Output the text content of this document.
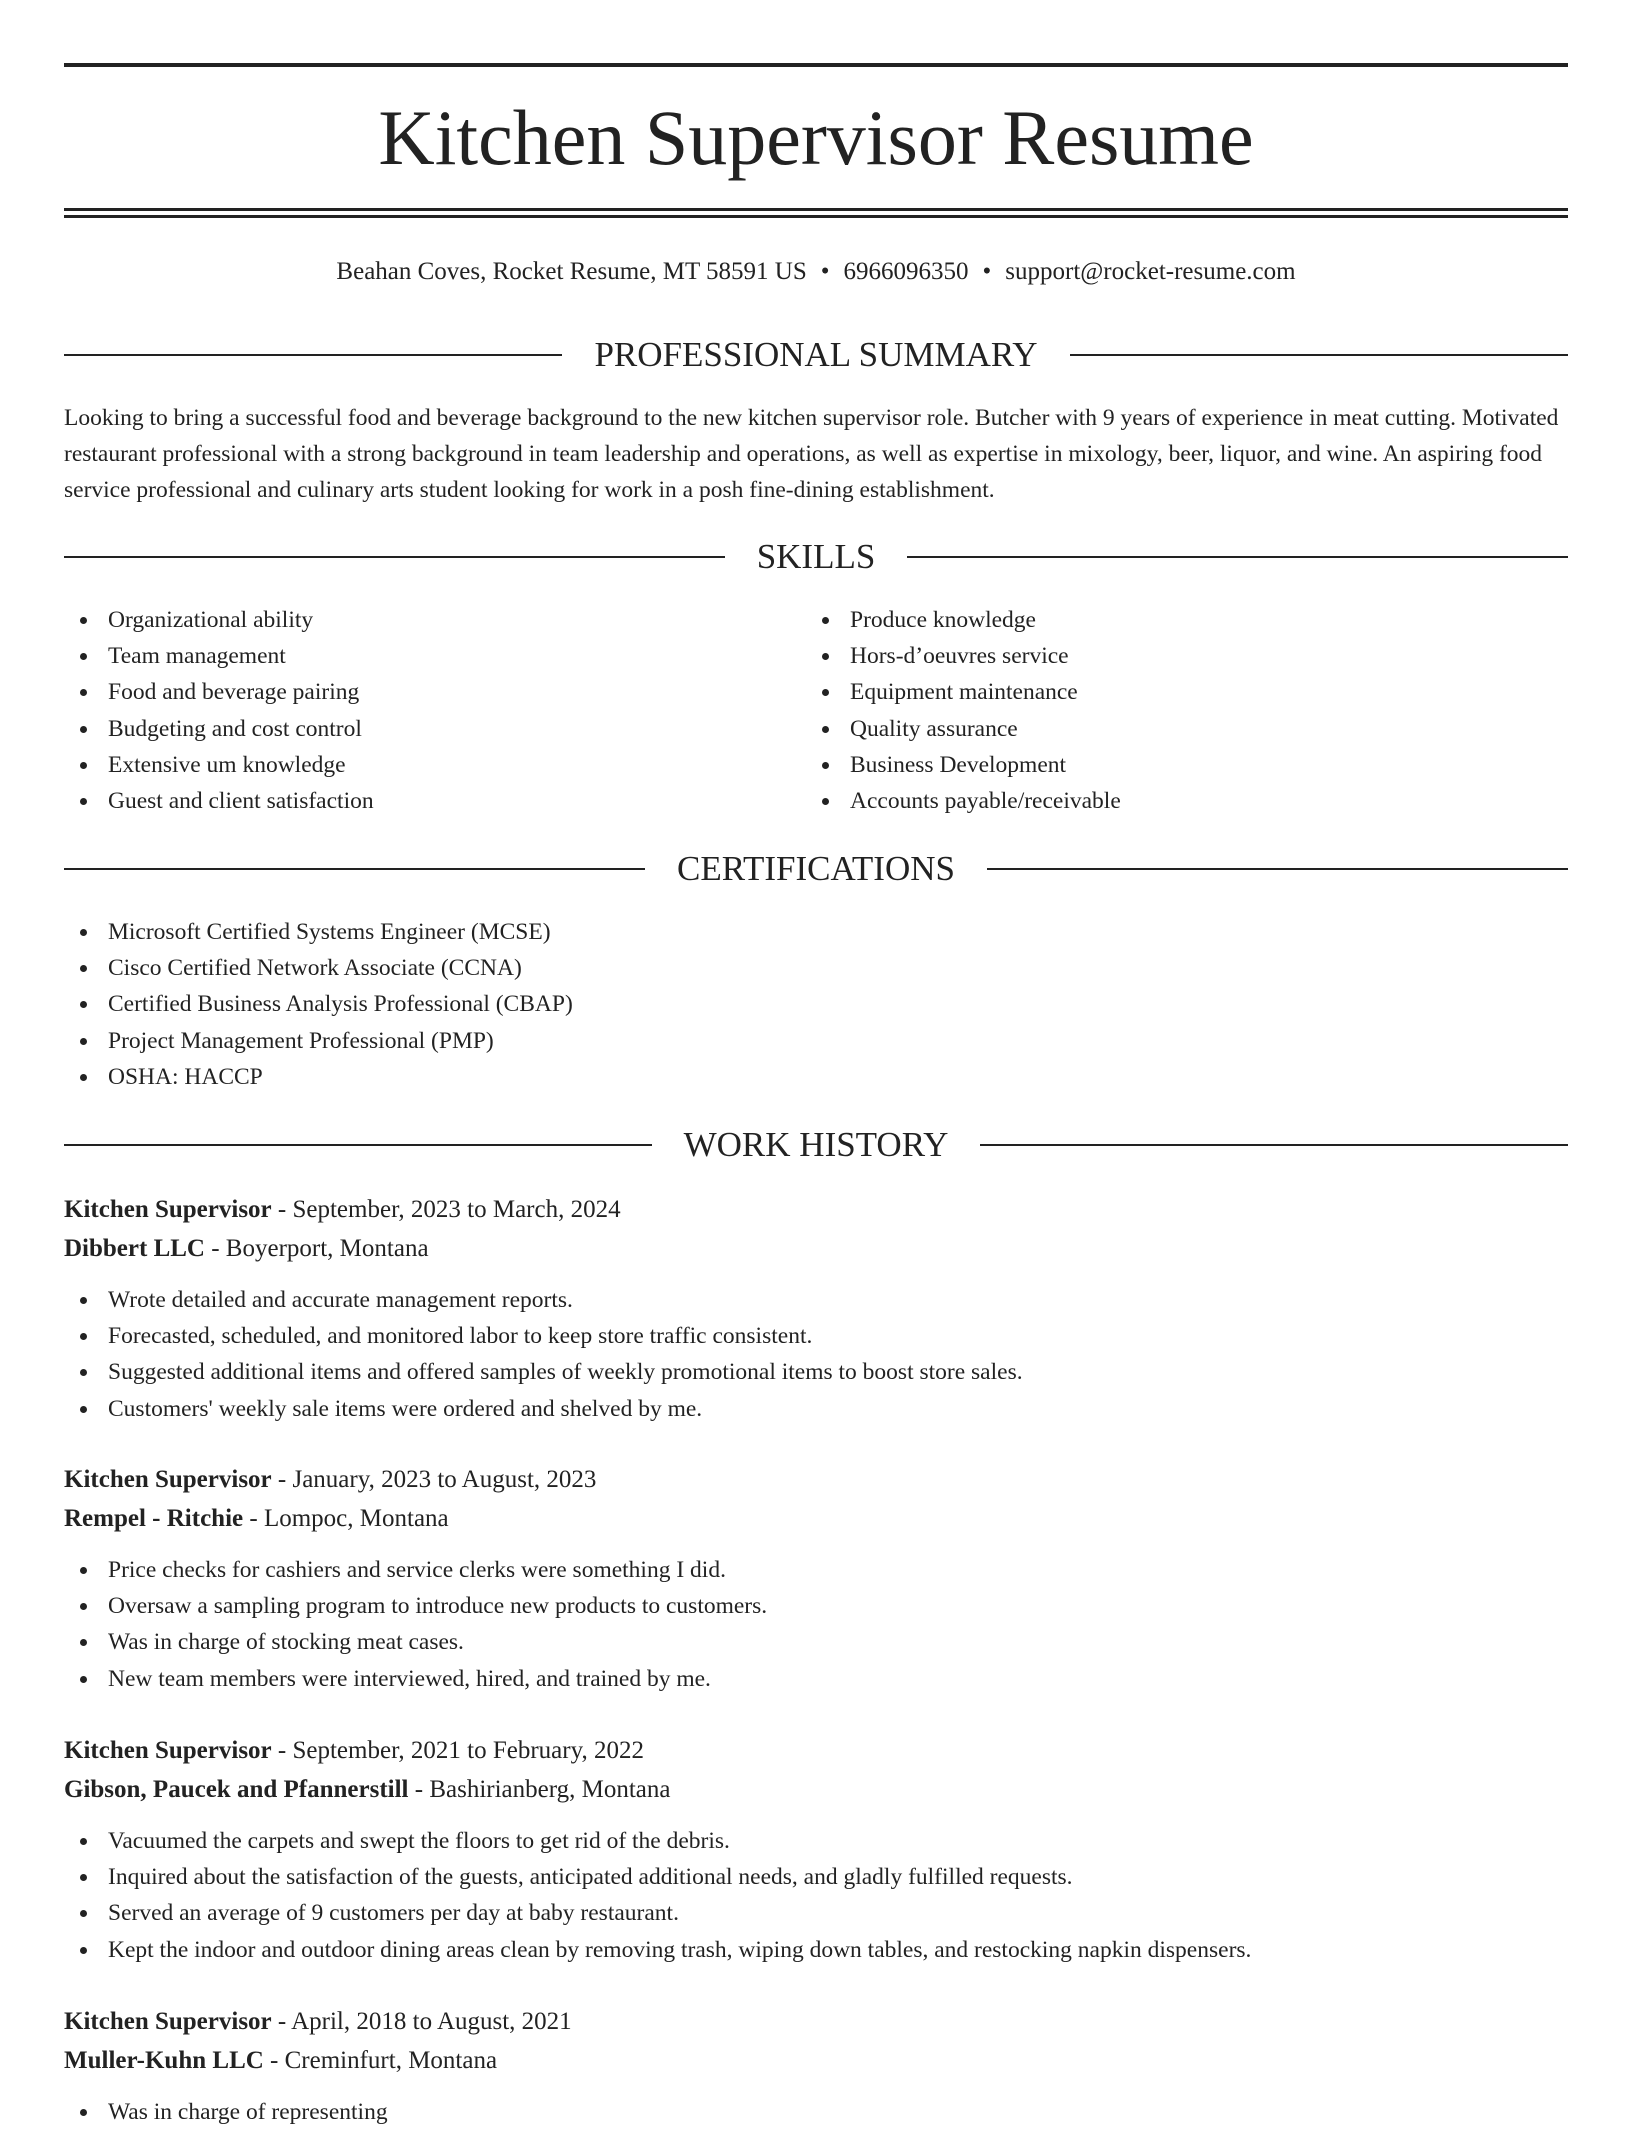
Kitchen Supervisor Resume
Beahan Coves, Rocket Resume, MT 58591 US • 6966096350 • support@rocket-resume.com
PROFESSIONAL SUMMARY
Looking to bring a successful food and beverage background to the new kitchen supervisor role. Butcher with 9 years of experience in meat cutting. Motivated restaurant professional with a strong background in team leadership and operations, as well as expertise in mixology, beer, liquor, and wine. An aspiring food service professional and culinary arts student looking for work in a posh fine-dining establishment.
SKILLS
Organizational ability
Team management
Food and beverage pairing
Budgeting and cost control
Extensive um knowledge
Guest and client satisfaction
Produce knowledge
Hors-d’oeuvres service
Equipment maintenance
Quality assurance
Business Development
Accounts payable/receivable
CERTIFICATIONS
Microsoft Certified Systems Engineer (MCSE)
Cisco Certified Network Associate (CCNA)
Certified Business Analysis Professional (CBAP)
Project Management Professional (PMP)
OSHA: HACCP
WORK HISTORY
Kitchen Supervisor - September, 2023 to March, 2024
Dibbert LLC - Boyerport, Montana
Wrote detailed and accurate management reports.
Forecasted, scheduled, and monitored labor to keep store traffic consistent.
Suggested additional items and offered samples of weekly promotional items to boost store sales.
Customers' weekly sale items were ordered and shelved by me.
Kitchen Supervisor - January, 2023 to August, 2023
Rempel - Ritchie - Lompoc, Montana
Price checks for cashiers and service clerks were something I did.
Oversaw a sampling program to introduce new products to customers.
Was in charge of stocking meat cases.
New team members were interviewed, hired, and trained by me.
Kitchen Supervisor - September, 2021 to February, 2022
Gibson, Paucek and Pfannerstill - Bashirianberg, Montana
Vacuumed the carpets and swept the floors to get rid of the debris.
Inquired about the satisfaction of the guests, anticipated additional needs, and gladly fulfilled requests.
Served an average of 9 customers per day at baby restaurant.
Kept the indoor and outdoor dining areas clean by removing trash, wiping down tables, and restocking napkin dispensers.
Kitchen Supervisor - April, 2018 to August, 2021
Muller-Kuhn LLC - Creminfurt, Montana
Was in charge of representing
